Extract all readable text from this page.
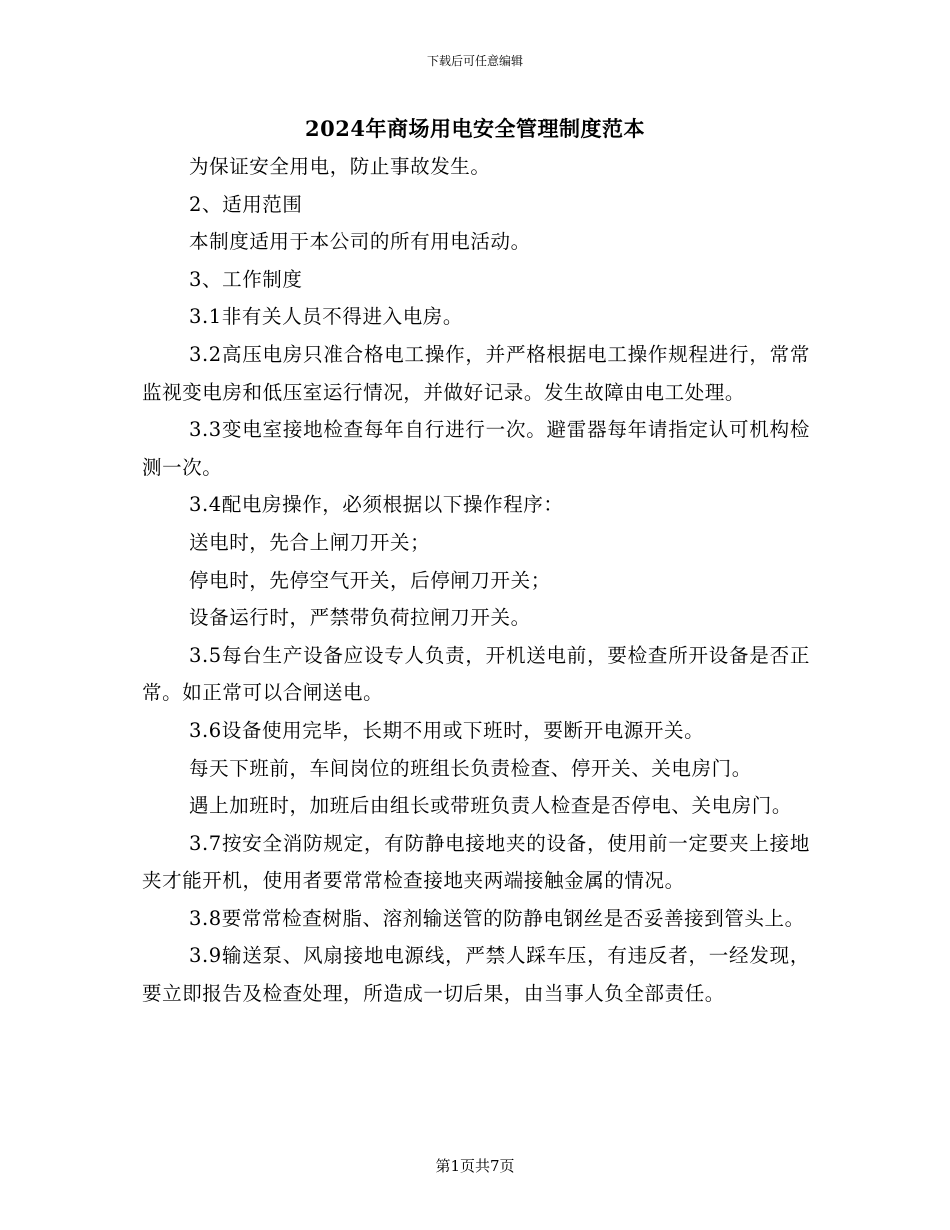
下载后可任意编辑
2024年商场用电安全管理制度范本

为保证安全用电，防止事故发生。

2、适用范围

本制度适用于本公司的所有用电活动。

3、工作制度

3.1非有关人员不得进入电房。

3.2高压电房只准合格电工操作，并严格根据电工操作规程进行，常常监视变电房和低压室运行情况，并做好记录。发生故障由电工处理。

3.3变电室接地检查每年自行进行一次。避雷器每年请指定认可机构检测一次。

3.4配电房操作，必须根据以下操作程序：

送电时，先合上闸刀开关；

停电时，先停空气开关，后停闸刀开关；

设备运行时，严禁带负荷拉闸刀开关。

3.5每台生产设备应设专人负责，开机送电前，要检查所开设备是否正常。如正常可以合闸送电。

3.6设备使用完毕，长期不用或下班时，要断开电源开关。

每天下班前，车间岗位的班组长负责检查、停开关、关电房门。

遇上加班时，加班后由组长或带班负责人检查是否停电、关电房门。

3.7按安全消防规定，有防静电接地夹的设备，使用前一定要夹上接地夹才能开机，使用者要常常检查接地夹两端接触金属的情况。

3.8要常常检查树脂、溶剂输送管的防静电钢丝是否妥善接到管头上。

3.9输送泵、风扇接地电源线，严禁人踩车压，有违反者，一经发现，要立即报告及检查处理，所造成一切后果，由当事人负全部责任。

第1页共7页
